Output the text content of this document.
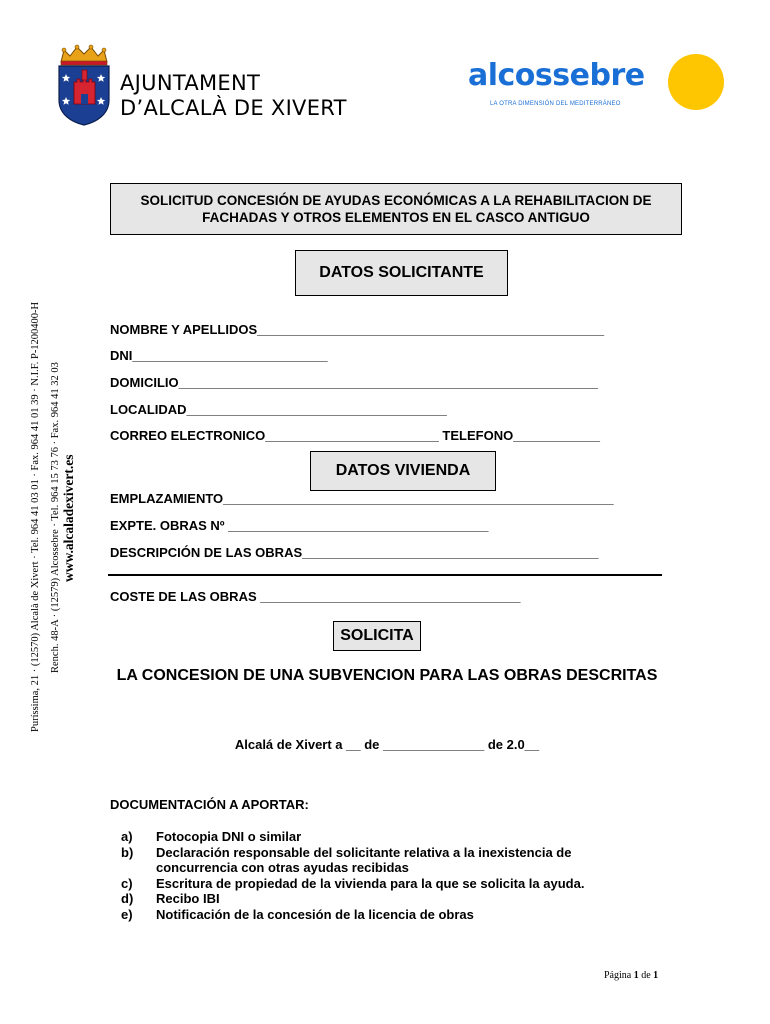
AJUNTAMENT
D’ALCALÀ DE XIVERT
alcossebre
LA OTRA DIMENSIÓN DEL MEDITERRÁNEO
Puríssima, 21 · (12570) Alcalà de Xivert · Tel. 964 41 03 01 · Fax. 964 41 01 39 · N.I.F. P-1200400-H Rench. 48-A · (12579) Alcossebre · Tel. 964 15 73 76 · Fax. 964 41 32 03 www.alcaladexivert.es
SOLICITUD CONCESIÓN DE AYUDAS ECONÓMICAS A LA REHABILITACION DE FACHADAS Y OTROS ELEMENTOS EN EL CASCO ANTIGUO
DATOS SOLICITANTE
NOMBRE Y APELLIDOS________________________________________________
DNI___________________________
DOMICILIO__________________________________________________________
LOCALIDAD____________________________________
CORREO ELECTRONICO________________________ TELEFONO____________
DATOS VIVIENDA
EMPLAZAMIENTO______________________________________________________
EXPTE. OBRAS Nº ____________________________________
DESCRIPCIÓN DE LAS OBRAS_________________________________________
COSTE DE LAS OBRAS ____________________________________
SOLICITA
LA CONCESION DE UNA SUBVENCION PARA LAS OBRAS DESCRITAS
Alcalá de Xivert a __ de ______________ de 2.0__
DOCUMENTACIÓN A APORTAR:
a)	Fotocopia DNI o similar
b)	Declaración responsable del solicitante relativa a la inexistencia de concurrencia con otras ayudas recibidas
c)	Escritura de propiedad de la vivienda para la que se solicita la ayuda.
d)	Recibo IBI
e)	Notificación de la concesión de la licencia de obras
Página 1 de 1
